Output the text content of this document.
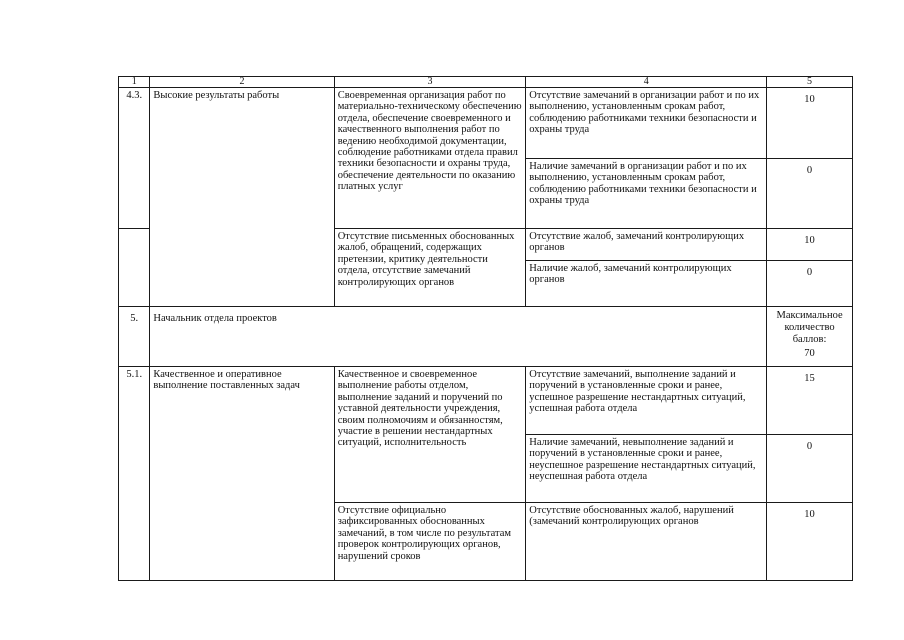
1	2	3	4	5
4.3.	Высокие результаты работы	Своевременная организация работ по материально-техническому обеспечению отдела, обеспечение своевременного и качественного выполнения работ по ведению необходимой документации, соблюдение работниками отдела правил техники безопасности и охраны труда, обеспечение деятельности по оказанию платных услуг	Отсутствие замечаний в организации работ и по их выполнению, установленным срокам работ, соблюдению работниками техники безопасности и охраны труда	10
			Наличие замечаний в организации работ и по их выполнению, установленным срокам работ, соблюдению работниками техники безопасности и охраны труда	0
		Отсутствие письменных обоснованных жалоб, обращений, содержащих претензии, критику деятельности отдела, отсутствие замечаний контролирующих органов	Отсутствие жалоб, замечаний контролирующих органов	10
			Наличие жалоб, замечаний контролирующих органов	0
5.	Начальник отдела проектов			Максимальное количество баллов:
70

5.1.	Качественное и оперативное выполнение поставленных задач	Качественное и своевременное выполнение работы отделом, выполнение заданий и поручений по уставной деятельности учреждения, своим полномочиям и обязанностям, участие в решении нестандартных ситуаций, исполнительность	Отсутствие замечаний, выполнение заданий и поручений в установленные сроки и ранее, успешное разрешение нестандартных ситуаций, успешная работа отдела	15
			Наличие замечаний, невыполнение заданий и поручений в установленные сроки и ранее, неуспешное разрешение нестандартных ситуаций, неуспешная работа отдела	0
		Отсутствие официально зафиксированных обоснованных замечаний, в том числе по результатам проверок контролирующих органов, нарушений сроков	Отсутствие обоснованных жалоб, нарушений (замечаний контролирующих органов	10
